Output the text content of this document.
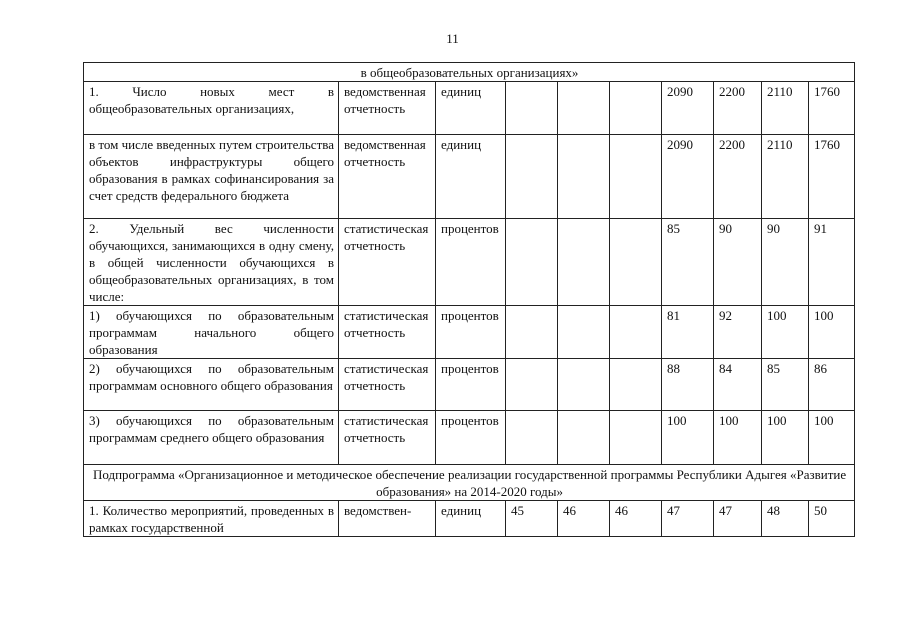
11
в общеобразовательных организациях»									
1. Число новых мест в общеобразовательных организациях,	ведомственная отчетность	единиц				2090	2200	2110	1760
в том числе введенных путем строительства объектов инфраструктуры общего образования в рамках софинансирования за счет средств федерального бюджета	ведомственная отчетность	единиц				2090	2200	2110	1760
2. Удельный вес численности обучающихся, занимающихся в одну смену, в общей численности обучающихся в общеобразовательных организациях, в том числе:	статистическая отчетность	процентов				85	90	90	91
1) обучающихся по образовательным программам начального общего образования	статистическая отчетность	процентов				81	92	100	100
2) обучающихся по образовательным программам основного общего образования	статистическая отчетность	процентов				88	84	85	86
3) обучающихся по образовательным программам среднего общего образования	статистическая отчетность	процентов				100	100	100	100
Подпрограмма «Организационное и методическое обеспечение реализации государственной программы Республики Адыгея «Развитие образования» на 2014-2020 годы»									
1. Количество мероприятий, проведенных в рамках государственной	ведомствен-	единиц	45	46	46	47	47	48	50
